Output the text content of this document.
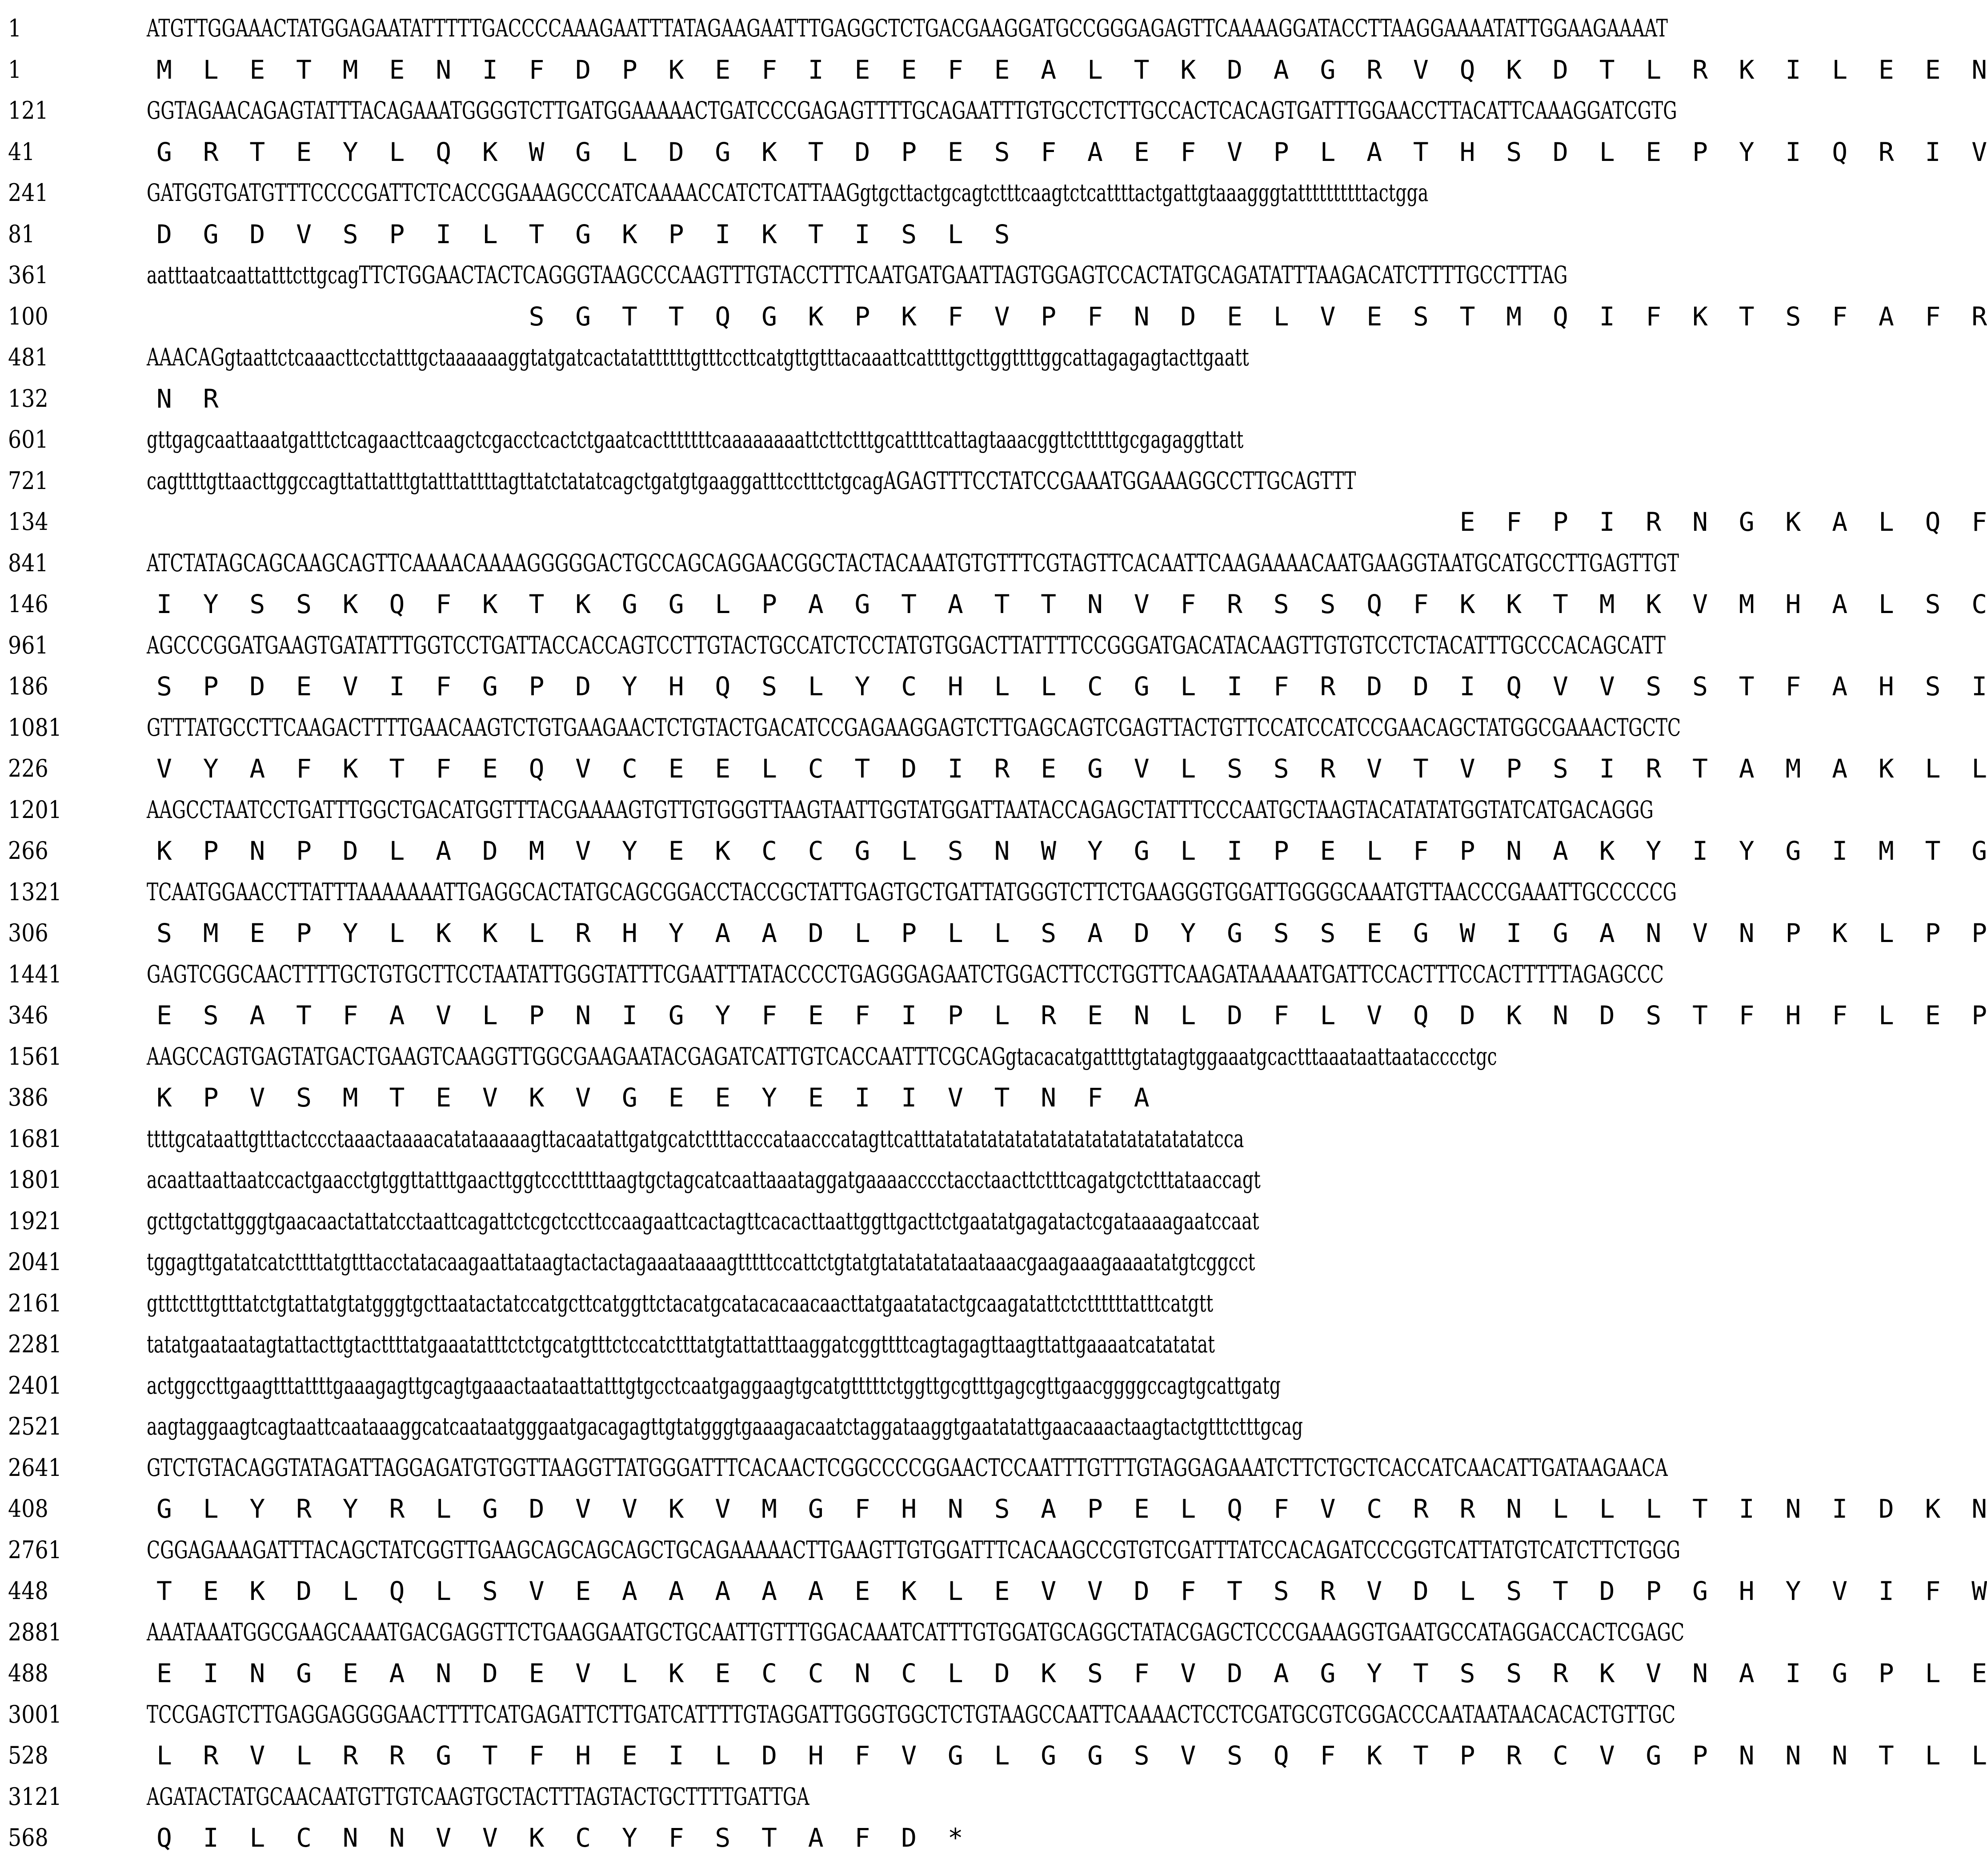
1	ATGTTGGAAACTATGGAGAATATTTTTGACCCCAAAGAATTTATAGAAGAATTTGAGGCTCTGACGAAGGATGCCGGGAGAGTTCAAAAGGATACCTTAAGGAAAATATTGGAAGAAAAT
1	M L E T M E N I F D P K E F I E E F E A L T K D A G R V Q K D T L R K I L E E N
121	GGTAGAACAGAGTATTTACAGAAATGGGGTCTTGATGGAAAAACTGATCCCGAGAGTTTTGCAGAATTTGTGCCTCTTGCCACTCACAGTGATTTGGAACCTTACATTCAAAGGATCGTG
41	G R T E Y L Q K W G L D G K T D P E S F A E F V P L A T H S D L E P Y I Q R I V
241	GATGGTGATGTTTCCCCGATTCTCACCGGAAAGCCCATCAAAACCATCTCATTAAGgtgcttactgcagtctttcaagtctcattttactgattgtaaagggtattttttttttactgga
81	D G D V S P I L T G K P I K T I S L S
361	aatttaatcaattatttcttgcagTTCTGGAACTACTCAGGGTAAGCCCAAGTTTGTACCTTTCAATGATGAATTAGTGGAGTCCACTATGCAGATATTTAAGACATCTTTTGCCTTTAG
100	S G T T Q G K P K F V P F N D E L V E S T M Q I F K T S F A F R
481	AAACAGgtaattctcaaacttcctatttgctaaaaaaggtatgatcactatattttttgtttccttcatgttgtttacaaattcattttgcttggttttggcattagagagtacttgaatt
132	N R
601	gttgagcaattaaatgatttctcagaacttcaagctcgacctcactctgaatcactttttttcaaaaaaaattcttctttgcattttcattagtaaacggttctttttgcgagaggttatt
721	cagttttgttaacttggccagttattatttgtatttattttagttatctatatcagctgatgtgaaggatttcctttctgcagAGAGTTTCCTATCCGAAATGGAAAGGCCTTGCAGTTT
134	E F P I R N G K A L Q F
841	ATCTATAGCAGCAAGCAGTTCAAAACAAAAGGGGGACTGCCAGCAGGAACGGCTACTACAAATGTGTTTCGTAGTTCACAATTCAAGAAAACAATGAAGGTAATGCATGCCTTGAGTTGT
146	I Y S S K Q F K T K G G L P A G T A T T N V F R S S Q F K K T M K V M H A L S C
961	AGCCCGGATGAAGTGATATTTGGTCCTGATTACCACCAGTCCTTGTACTGCCATCTCCTATGTGGACTTATTTTCCGGGATGACATACAAGTTGTGTCCTCTACATTTGCCCACAGCATT
186	S P D E V I F G P D Y H Q S L Y C H L L C G L I F R D D I Q V V S S T F A H S I
1081	GTTTATGCCTTCAAGACTTTTGAACAAGTCTGTGAAGAACTCTGTACTGACATCCGAGAAGGAGTCTTGAGCAGTCGAGTTACTGTTCCATCCATCCGAACAGCTATGGCGAAACTGCTC
226	V Y A F K T F E Q V C E E L C T D I R E G V L S S R V T V P S I R T A M A K L L
1201	AAGCCTAATCCTGATTTGGCTGACATGGTTTACGAAAAGTGTTGTGGGTTAAGTAATTGGTATGGATTAATACCAGAGCTATTTCCCAATGCTAAGTACATATATGGTATCATGACAGGG
266	K P N P D L A D M V Y E K C C G L S N W Y G L I P E L F P N A K Y I Y G I M T G
1321	TCAATGGAACCTTATTTAAAAAAATTGAGGCACTATGCAGCGGACCTACCGCTATTGAGTGCTGATTATGGGTCTTCTGAAGGGTGGATTGGGGCAAATGTTAACCCGAAATTGCCCCCG
306	S M E P Y L K K L R H Y A A D L P L L S A D Y G S S E G W I G A N V N P K L P P
1441	GAGTCGGCAACTTTTGCTGTGCTTCCTAATATTGGGTATTTCGAATTTATACCCCTGAGGGAGAATCTGGACTTCCTGGTTCAAGATAAAAATGATTCCACTTTCCACTTTTTAGAGCCC
346	E S A T F A V L P N I G Y F E F I P L R E N L D F L V Q D K N D S T F H F L E P
1561	AAGCCAGTGAGTATGACTGAAGTCAAGGTTGGCGAAGAATACGAGATCATTGTCACCAATTTCGCAGgtacacatgattttgtatagtggaaatgcactttaaataattaatacccctgc
386	K P V S M T E V K V G E E Y E I I V T N F A
1681	ttttgcataattgtttactccctaaactaaaacatataaaaagttacaatattgatgcatcttttacccataacccatagttcatttatatatatatatatatatatatatatatatatcca
1801	acaattaattaatccactgaacctgtggttatttgaacttggtccctttttaagtgctagcatcaattaaataggatgaaaacccctacctaacttctttcagatgctctttataaccagt
1921	gcttgctattgggtgaacaactattatcctaattcagattctcgctccttccaagaattcactagttcacacttaattggttgacttctgaatatgagatactcgataaaagaatccaat
2041	tggagttgatatcatcttttatgtttacctatacaagaattataagtactactagaaataaaagtttttccattctgtatgtatatatataataaacgaagaaagaaaatatgtcggcct
2161	gtttctttgtttatctgtattatgtatgggtgcttaatactatccatgcttcatggttctacatgcatacacaacaacttatgaatatactgcaagatattctcttttttatttcatgtt
2281	tatatgaataatagtattacttgtacttttatgaaatatttctctgcatgtttctccatctttatgtattatttaaggatcggttttcagtagagttaagttattgaaaatcatatatat
2401	actggccttgaagtttattttgaaagagttgcagtgaaactaataattatttgtgcctcaatgaggaagtgcatgtttttctggttgcgtttgagcgttgaacggggccagtgcattgatg
2521	aagtaggaagtcagtaattcaataaaggcatcaataatgggaatgacagagttgtatgggtgaaagacaatctaggataaggtgaatatattgaacaaactaagtactgtttctttgcag
2641	GTCTGTACAGGTATAGATTAGGAGATGTGGTTAAGGTTATGGGATTTCACAACTCGGCCCCGGAACTCCAATTTGTTTGTAGGAGAAATCTTCTGCTCACCATCAACATTGATAAGAACA
408	G L Y R Y R L G D V V K V M G F H N S A P E L Q F V C R R N L L L T I N I D K N
2761	CGGAGAAAGATTTACAGCTATCGGTTGAAGCAGCAGCAGCTGCAGAAAAACTTGAAGTTGTGGATTTCACAAGCCGTGTCGATTTATCCACAGATCCCGGTCATTATGTCATCTTCTGGG
448	T E K D L Q L S V E A A A A A E K L E V V D F T S R V D L S T D P G H Y V I F W
2881	AAATAAATGGCGAAGCAAATGACGAGGTTCTGAAGGAATGCTGCAATTGTTTGGACAAATCATTTGTGGATGCAGGCTATACGAGCTCCCGAAAGGTGAATGCCATAGGACCACTCGAGC
488	E I N G E A N D E V L K E C C N C L D K S F V D A G Y T S S R K V N A I G P L E
3001	TCCGAGTCTTGAGGAGGGGAACTTTTCATGAGATTCTTGATCATTTTGTAGGATTGGGTGGCTCTGTAAGCCAATTCAAAACTCCTCGATGCGTCGGACCCAATAATAACACACTGTTGC
528	L R V L R R G T F H E I L D H F V G L G G S V S Q F K T P R C V G P N N N T L L
3121	AGATACTATGCAACAATGTTGTCAAGTGCTACTTTAGTACTGCTTTTGATTGA
568	Q I L C N N V V K C Y F S T A F D *
